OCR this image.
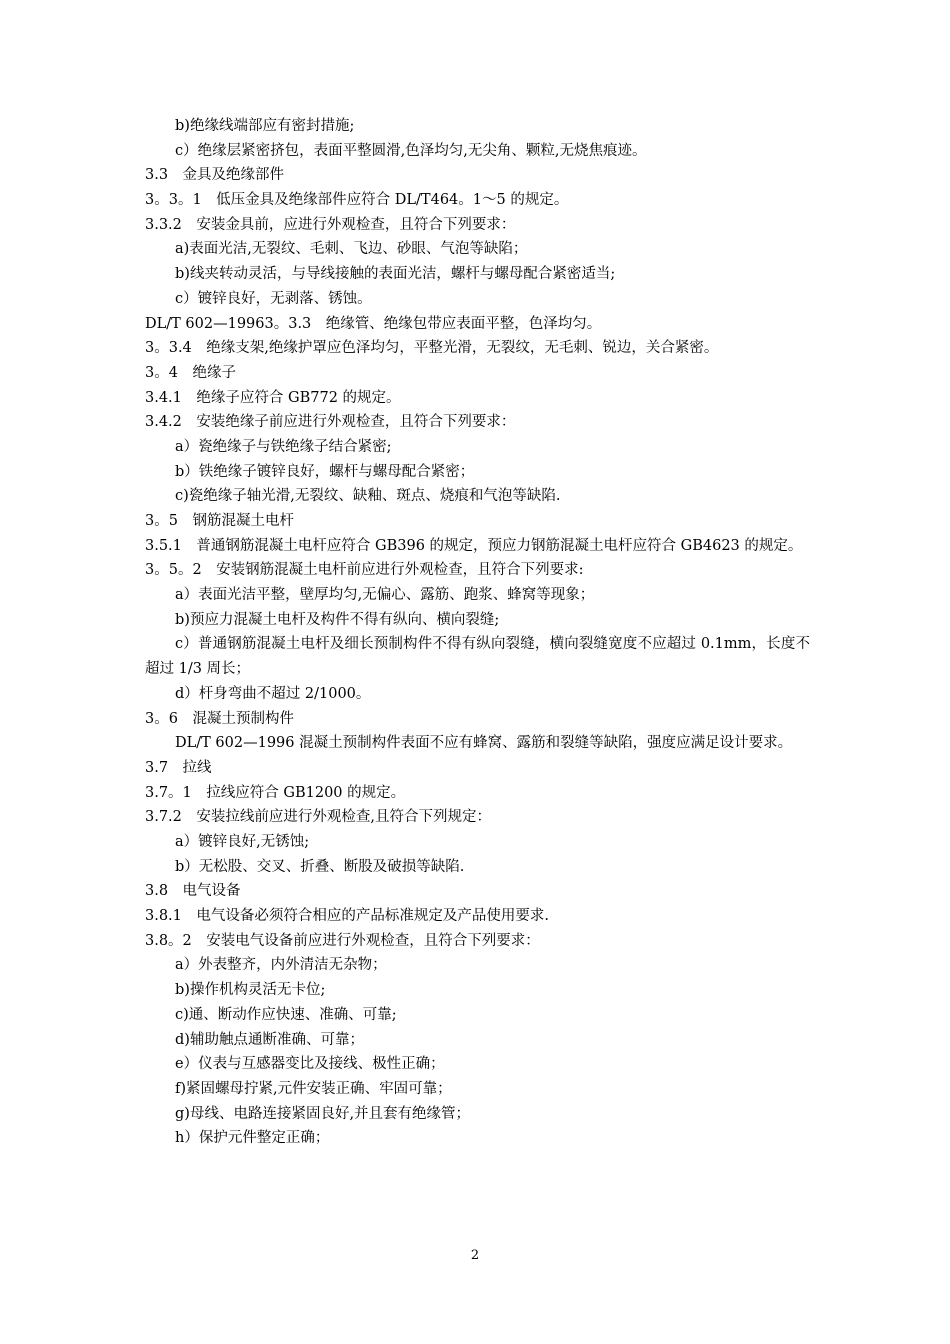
b)绝缘线端部应有密封措施;
c）绝缘层紧密挤包，表面平整圆滑,色泽均匀,无尖角、颗粒,无烧焦痕迹。
3.3　金具及绝缘部件
3。3。1　低压金具及绝缘部件应符合 DL/T464。1～5 的规定。
3.3.2　安装金具前，应进行外观检查，且符合下列要求：
a)表面光洁,无裂纹、毛刺、飞边、砂眼、气泡等缺陷；
b)线夹转动灵活，与导线接触的表面光洁，螺杆与螺母配合紧密适当;
c）镀锌良好，无剥落、锈蚀。
DL/T 602—19963。3.3　绝缘管、绝缘包带应表面平整，色泽均匀。
3。3.4　绝缘支架,绝缘护罩应色泽均匀，平整光滑，无裂纹，无毛刺、锐边，关合紧密。
3。4　绝缘子
3.4.1　绝缘子应符合 GB772 的规定。
3.4.2　安装绝缘子前应进行外观检查，且符合下列要求：
a）瓷绝缘子与铁绝缘子结合紧密;
b）铁绝缘子镀锌良好，螺杆与螺母配合紧密；
c)瓷绝缘子轴光滑,无裂纹、缺釉、斑点、烧痕和气泡等缺陷.
3。5　钢筋混凝土电杆
3.5.1　普通钢筋混凝土电杆应符合 GB396 的规定，预应力钢筋混凝土电杆应符合 GB4623 的规定。
3。5。2　安装钢筋混凝土电杆前应进行外观检查，且符合下列要求:
a）表面光洁平整，壁厚均匀,无偏心、露筋、跑浆、蜂窝等现象；
b)预应力混凝土电杆及构件不得有纵向、横向裂缝;
c）普通钢筋混凝土电杆及细长预制构件不得有纵向裂缝，横向裂缝宽度不应超过 0.1mm，长度不超过 1/3 周长；
d）杆身弯曲不超过 2/1000。
3。6　混凝土预制构件
DL/T 602—1996 混凝土预制构件表面不应有蜂窝、露筋和裂缝等缺陷，强度应满足设计要求。
3.7　拉线
3.7。1　拉线应符合 GB1200 的规定。
3.7.2　安装拉线前应进行外观检查,且符合下列规定：
a）镀锌良好,无锈蚀;
b）无松股、交叉、折叠、断股及破损等缺陷.
3.8　电气设备
3.8.1　电气设备必须符合相应的产品标准规定及产品使用要求.
3.8。2　安装电气设备前应进行外观检查，且符合下列要求：
a）外表整齐，内外清洁无杂物；
b)操作机构灵活无卡位;
c)通、断动作应快速、准确、可靠;
d)辅助触点通断准确、可靠；
e）仪表与互感器变比及接线、极性正确；
f)紧固螺母拧紧,元件安装正确、牢固可靠；
g)母线、电路连接紧固良好,并且套有绝缘管；
h）保护元件整定正确；
2
